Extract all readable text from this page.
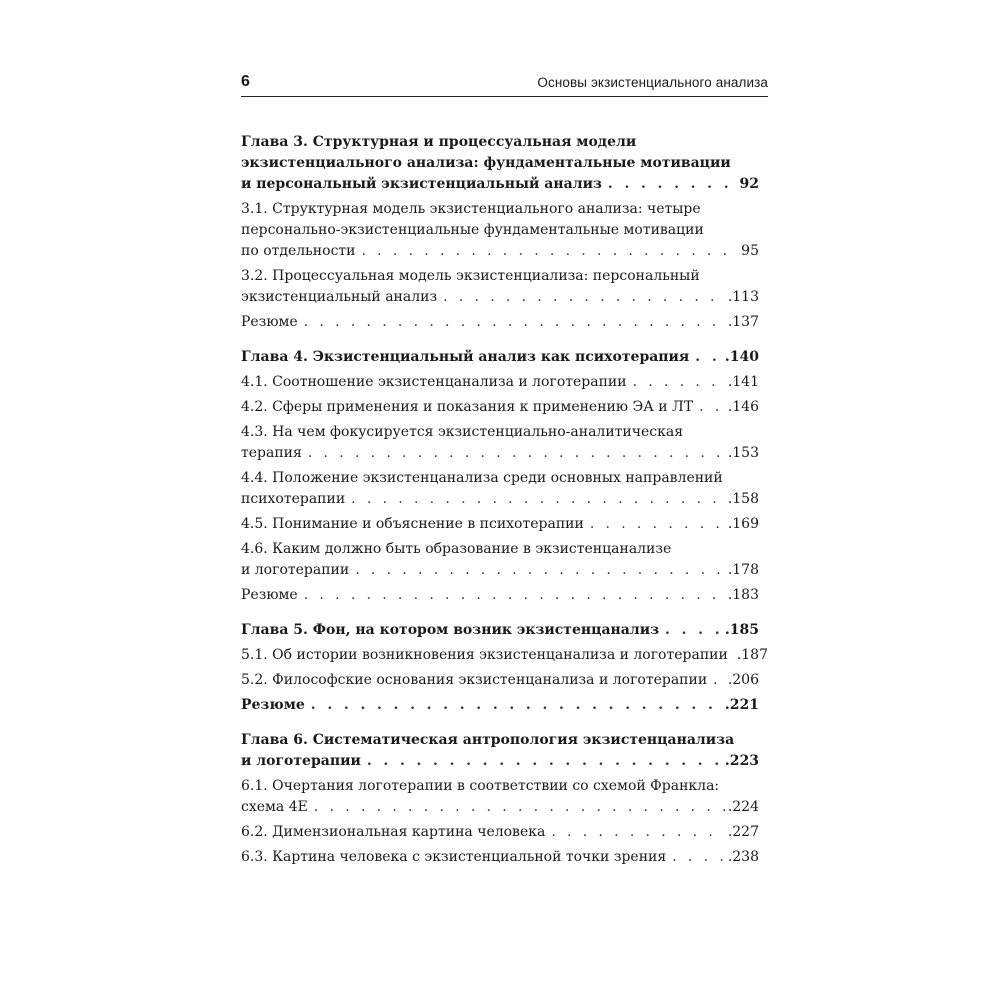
6	Основы экзистенциального анализа
Глава 3. Структурная и процессуальная модели
экзистенциального анализа: фундаментальные мотивации
и персональный экзистенциальный анализ . . .	92
3.1. Структурная модель экзистенциального анализа: четыре
персонально-экзистенциальные фундаментальные мотивации
по отдельности . . .	95
3.2. Процессуальная модель экзистенциализа: персональный
экзистенциальный анализ . . .	.113
Резюме . . .	.137
Глава 4. Экзистенциальный анализ как психотерапия . . .	.140
4.1. Соотношение экзистенцанализа и логотерапии . . .	.141
4.2. Сферы применения и показания к применению ЭА и ЛТ . . . .146
4.3. На чем фокусируется экзистенциально-аналитическая
терапия . . .	.153
4.4. Положение экзистенцанализа среди основных направлений
психотерапии . . .	.158
4.5. Понимание и объяснение в психотерапии . . .	.169
4.6. Каким должно быть образование в экзистенцанализе
и логотерапии . . .	.178
Резюме . . .	.183
Глава 5. Фон, на котором возник экзистенцанализ . . .	.185
5.1. Об истории возникновения экзистенцанализа и логотерапии .187
5.2. Философские основания экзистенцанализа и логотерапии . . . .206
Резюме . . .	.221
Глава 6. Систематическая антропология экзистенцанализа
и логотерапии . . .	.223
6.1. Очертания логотерапии в соответствии со схемой Франкла:
схема 4Е . . .	.224
6.2. Димензиональная картина человека . . .	.227
6.3. Картина человека с экзистенциальной точки зрения . . .	.238
